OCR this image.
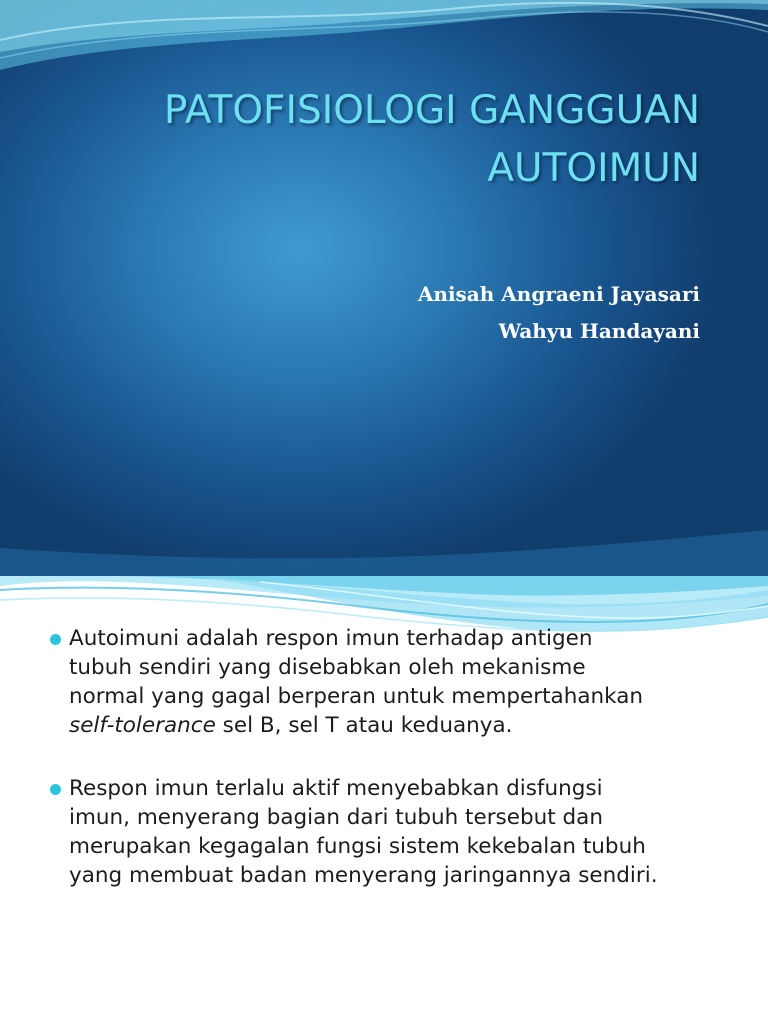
PATOFISIOLOGI GANGGUAN
AUTOIMUN
Anisah Angraeni Jayasari
Wahyu Handayani
Autoimuni adalah respon imun terhadap antigen
tubuh sendiri yang disebabkan oleh mekanisme
normal yang gagal berperan untuk mempertahankan
self-tolerance sel B, sel T atau keduanya.
Respon imun terlalu aktif menyebabkan disfungsi
imun, menyerang bagian dari tubuh tersebut dan
merupakan kegagalan fungsi sistem kekebalan tubuh
yang membuat badan menyerang jaringannya sendiri.
